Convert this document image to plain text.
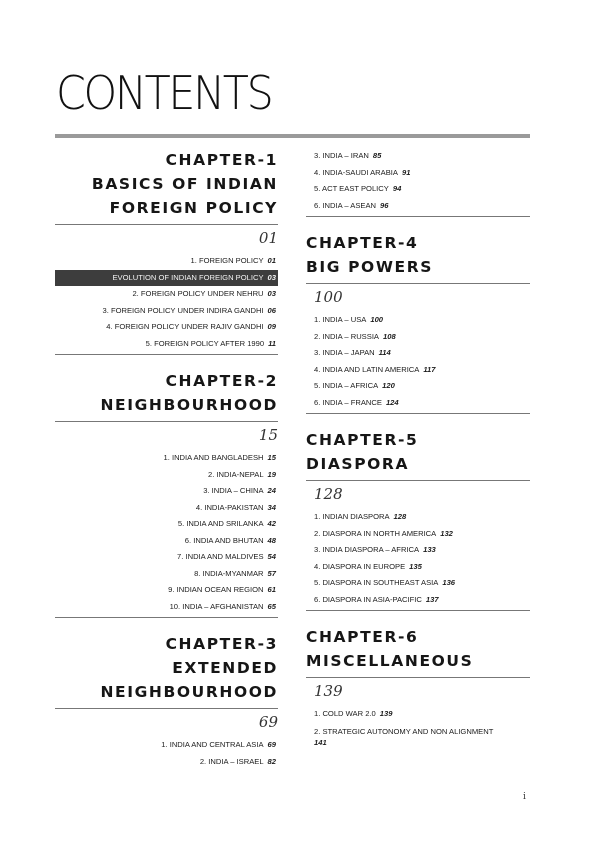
CONTENTS
CHAPTER-1
BASICS OF INDIAN
FOREIGN POLICY
01
1. FOREIGN POLICY 01
EVOLUTION OF INDIAN FOREIGN POLICY 03
2. FOREIGN POLICY UNDER NEHRU 03
3. FOREIGN POLICY UNDER INDIRA GANDHI 06
4. FOREIGN POLICY UNDER RAJIV GANDHI 09
5. FOREIGN POLICY AFTER 1990 11
CHAPTER-2
NEIGHBOURHOOD
15
1. INDIA AND BANGLADESH 15
2. INDIA-NEPAL 19
3. INDIA – CHINA 24
4. INDIA-PAKISTAN 34
5. INDIA AND SRILANKA 42
6. INDIA AND BHUTAN 48
7. INDIA AND MALDIVES 54
8. INDIA-MYANMAR 57
9. INDIAN OCEAN REGION 61
10. INDIA – AFGHANISTAN 65
CHAPTER-3
EXTENDED
NEIGHBOURHOOD
69
1. INDIA AND CENTRAL ASIA 69
2. INDIA – ISRAEL 82
3. INDIA – IRAN 85
4. INDIA-SAUDI ARABIA 91
5. ACT EAST POLICY 94
6. INDIA – ASEAN 96
CHAPTER-4
BIG POWERS
100
1. INDIA – USA 100
2. INDIA – RUSSIA 108
3. INDIA – JAPAN 114
4. INDIA AND LATIN AMERICA 117
5. INDIA – AFRICA 120
6. INDIA – FRANCE 124
CHAPTER-5
DIASPORA
128
1. INDIAN DIASPORA 128
2. DIASPORA IN NORTH AMERICA 132
3. INDIA DIASPORA – AFRICA 133
4. DIASPORA IN EUROPE 135
5. DIASPORA IN SOUTHEAST ASIA 136
6. DIASPORA IN ASIA-PACIFIC 137
CHAPTER-6
MISCELLANEOUS
139
1. COLD WAR 2.0 139
2. STRATEGIC AUTONOMY AND NON ALIGNMENT
141
i
